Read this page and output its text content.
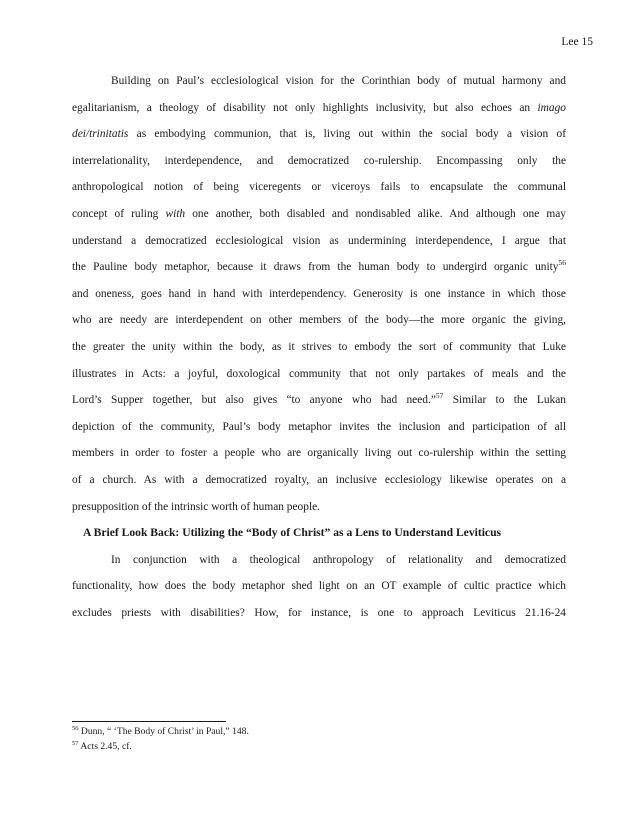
Lee 15
Building on Paul’s ecclesiological vision for the Corinthian body of mutual harmony and
egalitarianism, a theology of disability not only highlights inclusivity, but also echoes an imago
dei/trinitatis as embodying communion, that is, living out within the social body a vision of
interrelationality, interdependence, and democratized co-rulership. Encompassing only the
anthropological notion of being viceregents or viceroys fails to encapsulate the communal
concept of ruling with one another, both disabled and nondisabled alike. And although one may
understand a democratized ecclesiological vision as undermining interdependence, I argue that
the Pauline body metaphor, because it draws from the human body to undergird organic unity$^{56}$
and oneness, goes hand in hand with interdependency. Generosity is one instance in which those
who are needy are interdependent on other members of the body—the more organic the giving,
the greater the unity within the body, as it strives to embody the sort of community that Luke
illustrates in Acts: a joyful, doxological community that not only partakes of meals and the
Lord’s Supper together, but also gives “to anyone who had need.”$^{57}$ Similar to the Lukan
depiction of the community, Paul’s body metaphor invites the inclusion and participation of all
members in order to foster a people who are organically living out co-rulership within the setting
of a church. As with a democratized royalty, an inclusive ecclesiology likewise operates on a
presupposition of the intrinsic worth of human people.
A Brief Look Back: Utilizing the “Body of Christ” as a Lens to Understand Leviticus
In conjunction with a theological anthropology of relationality and democratized
functionality, how does the body metaphor shed light on an OT example of cultic practice which
excludes priests with disabilities? How, for instance, is one to approach Leviticus 21.16-24
$^{56}$ Dunn, “ ‘The Body of Christ’ in Paul,” 148.
$^{57}$ Acts 2.45, cf.
